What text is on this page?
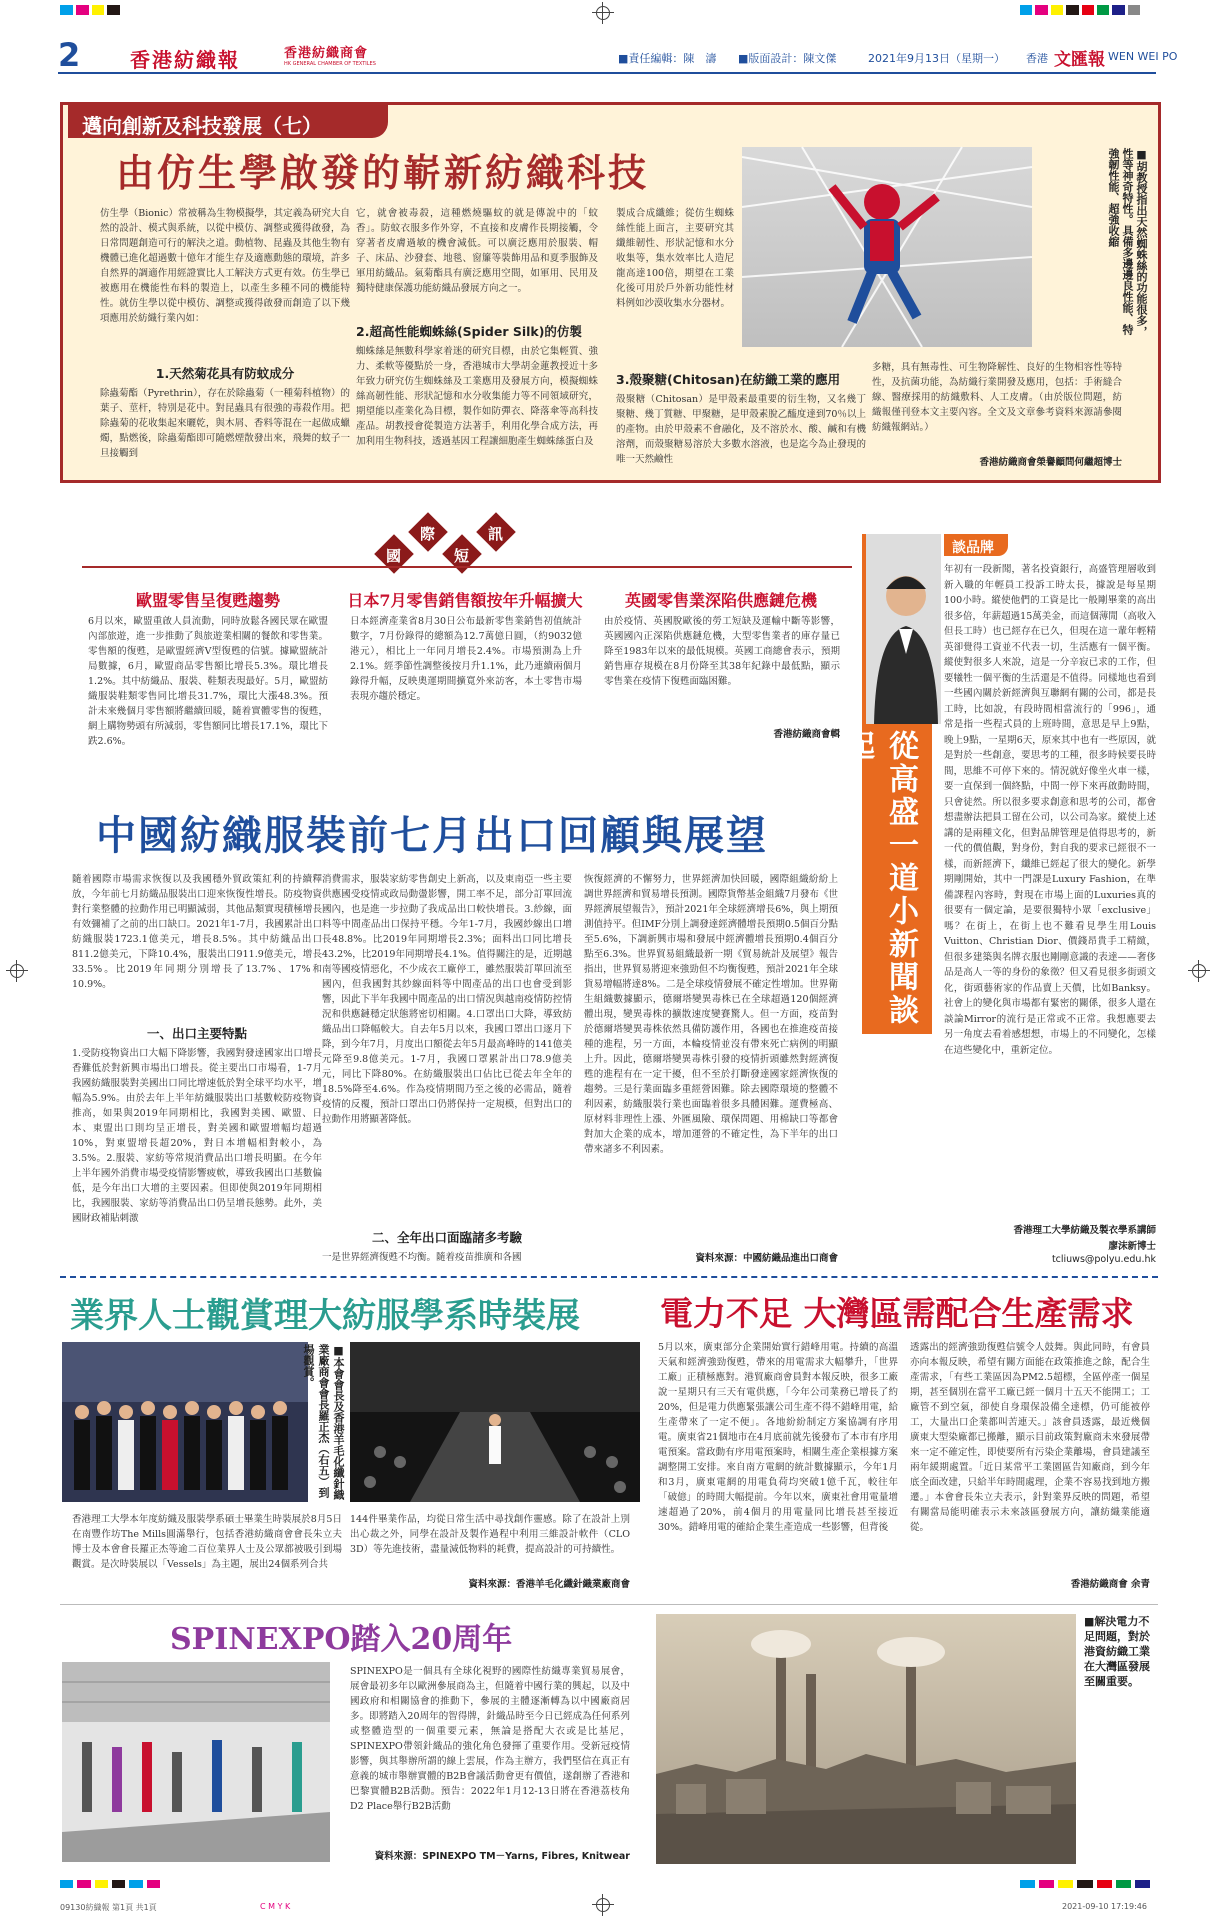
2 香港紡織報	香港紡織商會
HK GENERAL CHAMBER OF TEXTILES	■責任編輯：陳　濤 ■版面設計：陳文傑	2021年9月13日（星期一） 香港 文匯報 WEN WEI PO
邁向創新及科技發展（七）
由仿生學啟發的嶄新紡織科技	■胡教授指出天然蜘蛛絲的功能很多，性等神奇特性。具備多邊邊良性能、特強韌性能、超強收縮
仿生學（Bionic）常被稱為生物模擬學，其定義為研究大自然的設計、模式與系統，以從中模仿、調整或獲得啟發，為日常問題創造可行的解決之道。動植物、昆蟲及其他生物有機體已進化超過數十億年才能生存及適應動態的環境，許多自然界的調適作用經證實比人工解決方式更有效。仿生學已被應用在機能性布料的製造上，以產生多種不同的機能特性。就仿生學以從中模仿、調整或獲得啟發而創造了以下幾項應用於紡織行業內如：
1.天然菊花具有防蚊成分
除蟲菊酯（Pyrethrin），存在於除蟲菊（一種菊科植物）的葉子、莖杆，特別是花中。對昆蟲具有很強的毒殺作用。把除蟲菊的花收集起來曬乾，與木屑、香料等混在一起做成蠟燭，點燃後，除蟲菊酯即可隨燃煙散發出來，飛舞的蚊子一旦接觸到
它，就會被毒殺，這種燃燒驅蚊的就是傳說中的「蚊香」。防蚊衣服多作外穿，不直接和皮膚作長期接觸，令穿著者皮膚過敏的機會減低。可以廣泛應用於服裝、帽子、床品、沙發套、地毯、窗簾等裝飾用品和夏季服飾及軍用紡織品。氣菊酯具有廣泛應用空間，如軍用、民用及獨特健康保護功能紡織品發展方向之一。
2.超高性能蜘蛛絲(Spider Silk)的仿製
蜘蛛絲是無數科學家着迷的研究目標，由於它集輕質、強力、柔軟等優點於一身，香港城市大學胡金蓮教授近十多年致力研究仿生蜘蛛絲及工業應用及發展方向，模擬蜘蛛絲高韌性能、形狀記憶和水分收集能力等不同領域研究，期望能以產業化為目標，製作如防彈衣、降落傘等高科技產品。胡教授會從製造方法著手，利用化學合成方法，再加利用生物科技，透過基因工程讓細胞產生蜘蛛絲蛋白及
製成合成纖維；從仿生蜘蛛絲性能上面言，主要研究其纖維韌性、形狀記憶和水分收集等，集水效率比人造尼龍高達100倍，期望在工業化後可用於戶外新功能性材料例如沙漠收集水分器材。
3.殼聚糖(Chitosan)在紡織工業的應用
殼聚糖（Chitosan）是甲殼素最重要的衍生物，又名幾丁聚糖、幾丁質糖、甲聚糖，是甲殼素脫乙醯度達到70％以上的產物。由於甲殼素不會融化，及不溶於水、酸、鹹和有機溶劑，而殼聚糖易溶於大多數水溶液，也是迄今為止發現的唯一天然鹼性
多糖，具有無毒性、可生物降解性、良好的生物相容性等特性，及抗菌功能，為紡織行業開發及應用，包括：手術縫合線、醫療採用的紡織敷料、人工皮膚。（由於版位問題，紡織報僅刊登本文主要內容。全文及文章參考資料來源請參閱紡織報網站。）
香港紡織商會榮譽顧問何繼超博士
國
際
短
訊
歐盟零售呈復甦趨勢
6月以來，歐盟重啟人員流動，同時放鬆各國民眾在歐盟內部旅遊，進一步推動了與旅遊業相關的餐飲和零售業。零售額的復甦，是歐盟經濟V型復甦的信號。據歐盟統計局數據，6月，歐盟商品零售額比增長5.3%。環比增長1.2%。其中紡織品、服裝、鞋類表現最好。5月，歐盟紡織服裝鞋類零售同比增長31.7%，環比大漲48.3%。預計未來幾個月零售額將繼續回暖，隨着實體零售的復甦，網上購物勢頭有所減弱，零售額同比增長17.1%，環比下跌2.6%。
日本7月零售銷售額按年升幅擴大
日本經濟產業省8月30日公布最新零售業銷售初值統計數字，7月份錄得的總額為12.7萬億日圓，（約9032億港元），相比上一年同月增長2.4%。市場預測為上升2.1%。經季節性調整後按月升1.1%，此乃連續兩個月錄得升幅，反映奧運期間擴寬外來訪客，本土零售市場表現亦趨於穩定。
英國零售業深陷供應鏈危機
由於疫情、英國脫歐後的勞工短缺及運輸中斷等影響，英國國內正深陷供應鏈危機，大型零售業者的庫存量已降至1983年以來的最低規模。英國工商總會表示，預期銷售庫存規模在8月份降至其38年紀錄中最低點，顯示零售業在疫情下復甦面臨困難。
香港紡織商會輯
談品牌
從高盛一道小新聞談起
年初有一段新聞，著名投資銀行，高盛管理層收到新入職的年輕員工投訴工時太長，據說是每星期100小時。縱使他們的工資是比一般剛畢業的高出很多倍，年薪超過15萬美金，而這個薄閒（高收入但長工時）也已經存在已久，但現在這一輩年輕精英卻覺得工資並不代表一切，生活應有一個平衡。縱使對很多人來說，這是一分辛寂已求的工作，但要犧牲一個平衡的生活還是不值得。同樣地也看到一些國內關於新經濟與互聯網有關的公司，都是長工時，比如說，有段時間相當流行的「996」，通常是指一些程式員的上班時間，意思是早上9點，晚上9點，一星期6天，原來其中也有一些原因，就是對於一些創意，要思考的工種，很多時候要長時間，思維不可停下來的。情況就好像坐火車一樣，要一直保到一個終點，中間一停下來再啟動時間，只會徒然。所以很多要求創意和思考的公司，都會想盡辦法把員工留在公司，以公司為家。縱使上述講的是兩種文化，但對品牌管理是值得思考的，新一代的價值觀，對身份，對自我的要求已經很不一樣，而新經濟下，纖維已經起了很大的變化。新學期剛開始，其中一門課是Luxury Fashion，在準備課程內容時，對現在市場上面的Luxuries真的很要有一個定論，是要很獨特小眾「exclusive」嗎？在街上，在街上也不難看見學生用Louis Vuitton、Christian Dior、價錢昂貴手工精緻，但很多建築與名牌衣服也剛剛意識的表達——奢侈品是高人一等的身份的象徵？但又看見很多街頭文化，街頭藝術家的作品賣上天價，比如Banksy。社會上的變化與市場都有緊密的關係，很多人還在談論Mirror的流行是正常或不正常。我想應要去另一角度去看着感想想，市場上的不同變化，怎樣在這些變化中，重新定位。
香港理工大學紡織及製衣學系講師
廖沫新博士
tcliuws@polyu.edu.hk
中國紡織服裝前七月出口回顧與展望
隨着國際市場需求恢復以及我國穩外貿政策紅利的持續釋放，今年前七月紡織品服裝出口迎來恢復性增長。防疫物資對行業整體的拉動作用已明顯減弱，其他品類實現積極增長有效彌補了之前的出口缺口。2021年1-7月，我國累計出口紡織服裝1723.1億美元，增長8.5%。其中紡織品出口811.2億美元，下降10.4%，服裝出口911.9億美元，增長33.5%。比2019年同期分別增長了13.7%、17%和10.9%。
一、出口主要特點
1.受防疫物資出口大幅下降影響，我國對發達國家出口增長香難低於對新興市場出口增長。從主要出口市場看，1-7月我國紡織服裝對美國出口同比增速低於對全球平均水平，增幅為5.9%。由於去年上半年紡織服裝出口基數較防疫物資推高，如果與2019年同期相比，我國對美國、歐盟、日本、東盟出口則均呈正增長，對美國和歐盟增幅均超過10%，對東盟增長超20%，對日本增幅相對較小，為3.5%。2.服裝、家紡等常規消費品出口增長明顯。在今年上半年國外消費市場受疫情影響疲軟，導致我國出口基數偏低，是今年出口大增的主要因素。但即使與2019年同期相比，我國服裝、家紡等消費品出口仍呈增長態勢。此外，美國財政補貼刺激
消費需求，服裝家紡零售創史上新高，以及東南亞一些主要供應國受疫情或政局動盪影響，開工率不足，部分訂單回流國內，也是進一步拉動了我成品出口較快增長。3.紗線，面料等中間產品出口保持平穩。今年1-7月，我國紗線出口增長48.8%。比2019年同期增長2.3%；面料出口同比增長43.2%，比2019年同期增長4.1%。值得關注的是，近期越南等國疫情惡化，不少成衣工廠停工，雖然服裝訂單回流至國內，但我國對其紗線面料等中間產品的出口也會受到影響，因此下半年我國中間產品的出口情況與越南疫情防控情況和供應鏈穩定狀態將密切相關。4.口罩出口大降，導致紡織品出口降幅較大。自去年5月以來，我國口罩出口逐月下降，到今年7月，月度出口額從去年5月最高峰時的141億美元降至9.8億美元。1-7月，我國口罩累計出口78.9億美元，同比下降80%。在紡織服裝出口佔比已從去年全年的18.5%降至4.6%。作為疫情期間乃至之後的必需品，隨着疫情的反覆，預計口罩出口仍將保持一定規模，但對出口的拉動作用將顯著降低。
二、全年出口面臨諸多考驗
一是世界經濟復甦不均衡。隨着疫苗推廣和各國
恢復經濟的不懈努力，世界經濟加快回暖，國際組織紛紛上調世界經濟和貿易增長預測。國際貨幣基金組織7月發布《世界經濟展望報告》，預計2021年全球經濟增長6%，與上期預測值持平。但IMF分別上調發達經濟體增長預期0.5個百分點至5.6%，下調新興市場和發展中經濟體增長預期0.4個百分點至6.3%。世界貿易組織最新一期《貿易統計及展望》報告指出，世界貿易將迎來強勁但不均衡復甦，預計2021年全球貨易增幅將達8%。二是全球疫情發展不確定性增加。世界衛生組織數據顯示，德爾塔變異毒株已在全球超過120個經濟體出現，變異毒株的擴散速度變賽驚人。但一方面，疫苗對於德爾塔變異毒株依然具備防護作用，各國也在推進疫苗接種的進程，另一方面，本輪疫情並沒有帶來死亡病例的明顯上升。因此，德爾塔變異毒株引發的疫情折頭雖然對經濟復甦的進程有在一定干擾，但不至於打斷發達國家經濟恢復的趨勢。三是行業面臨多重經營困難。除去國際環境的整體不利因素，紡織服裝行業也面臨着很多具體困難。運費極高、原材料非理性上漲、外匯風險、環保問題、用棉缺口等都會對加大企業的成本，增加運營的不確定性，為下半年的出口帶來諸多不利因素。
資料來源：中國紡織品進出口商會
業界人士觀賞理大紡服學系時裝展
■本會會長及香港羊毛化纖針織業廠商會會長羅正杰（右五）到場觀賞。
香港理工大學本年度紡織及服裝學系碩士畢業生時裝展於8月5日在南豐作坊The Mills圓滿舉行，包括香港紡織商會會長朱立夫博士及本會會長羅正杰等逾二百位業界人士及公眾都被吸引到場觀賞。是次時裝展以「Vessels」為主題，展出24個系列合共
144件畢業作品，均從日常生活中尋找創作靈感。除了在設計上別出心裁之外，同學在設計及製作過程中利用三維設計軟件（CLO 3D）等先進技術，盡量減低物料的耗費，提高設計的可持續性。
資料來源：香港羊毛化纖針織業廠商會
電力不足 大灣區需配合生產需求
5月以來，廣東部分企業開始實行錯峰用電。持續的高溫天氣和經濟強勁復甦，帶來的用電需求大幅攀升，「世界工廠」正積極應對。港貿廠商會員對本報反映，很多工廠說一星期只有三天有電供應，「今年公司業務已增長了約20%，但是電力供應緊張讓公司生產不得不錯峰用電，給生產帶來了一定不便」。各地紛紛制定方案協調有序用電。廣東省21個地市在4月底前就先後發布了本市有序用電預案。當政動有序用電預案時，相關生產企業根據方案調整開工安排。來自南方電網的統計數據顯示，今年1月和3月，廣東電網的用電負荷均突破1億千瓦，較往年「破億」的時間大幅提前。今年以來，廣東社會用電量增速超過了20%，前4個月的用電量同比增長甚至接近30%。錯峰用電的確給企業生產造成一些影響，但背後
透露出的經濟強勁復甦信號令人鼓舞。與此同時，有會員亦向本報反映，希望有關方面能在政策推進之餘，配合生產需求，「有些工業區因為PM2.5超標，全區停產一個星期，甚至個別在當平工廠已經一個月十五天不能開工；工廠管不到空氣，卻使自身環保設備全達標，仍可能被停工，大量出口企業都叫苦連天。」該會員透露，最近幾個廣東大型染廠都已搬離，顯示目前政策對廠商未來發展帶來一定不確定性，即使要所有污染企業離場，會員建議至兩年緩期處置。「近日某常平工業園區告知廠商，到今年底全面改建，只給半年時間處理，企業不容易找到地方搬遷。」本會會長朱立夫表示，針對業界反映的問題，希望有關當局能明確表示未來該區發展方向，讓紡織業能適從。
香港紡織商會 余青
SPINEXPO踏入20周年
SPINEXPO是一個具有全球化視野的國際性紡織專業貿易展會，展會最初多年以歐洲參展商為主，但隨着中國行業的興起，以及中國政府和相關協會的推動下，參展的主體逐漸轉為以中國廠商居多。即將踏入20周年的智得牌，針織品時至今日已經成為任何系列或整體造型的一個重要元素，無論是搭配大衣或是比基尼，SPINEXPO帶領針織品的強化角色發揮了重要作用。受新冠疫情影響，與其舉辦所謂的線上雲展，作為主辦方，我們堅信在真正有意義的城市舉辦實體的B2B會議活動會更有價值，遂創辦了香港和巴黎實體B2B活動。預告：2022年1月12-13日將在香港荔枝角D2 Place舉行B2B活動
資料來源：SPINEXPO TM－Yarns, Fibres, Knitwear
■解決電力不足問題，對於港資紡織工業在大灣區發展至關重要。
09130紡織報 第1頁 共1頁	C M Y K	2021-09-10 17:19:46
